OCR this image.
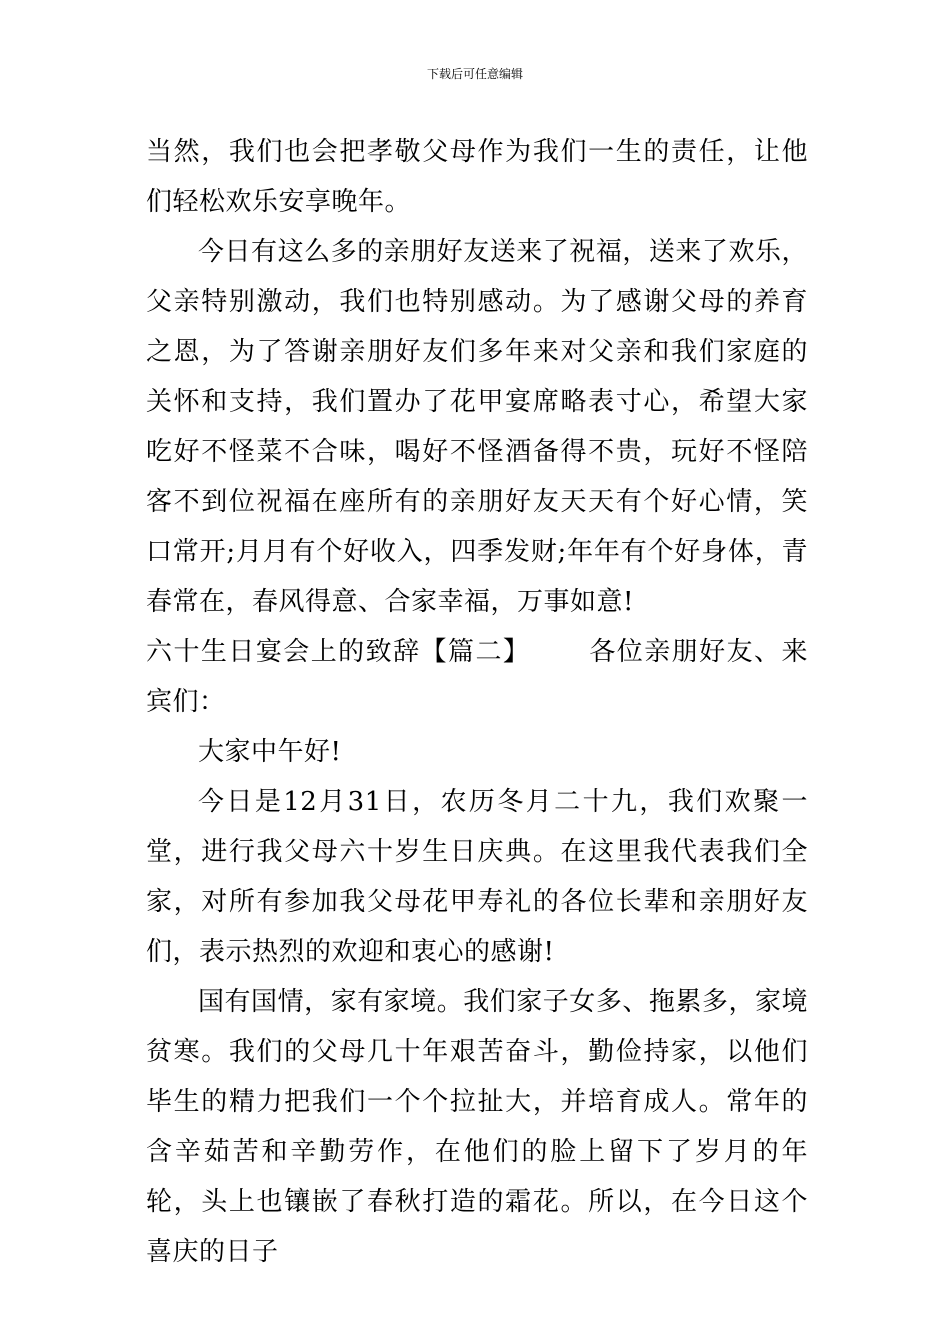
下载后可任意编辑

当然，我们也会把孝敬父母作为我们一生的责任，让他们轻松欢乐安享晚年。

今日有这么多的亲朋好友送来了祝福，送来了欢乐，父亲特别激动，我们也特别感动。为了感谢父母的养育之恩，为了答谢亲朋好友们多年来对父亲和我们家庭的关怀和支持，我们置办了花甲宴席略表寸心，希望大家吃好不怪菜不合味，喝好不怪酒备得不贵，玩好不怪陪客不到位祝福在座所有的亲朋好友天天有个好心情，笑口常开;月月有个好收入，四季发财;年年有个好身体，青春常在，春风得意、合家幸福，万事如意!

六十生日宴会上的致辞【篇二】 各位亲朋好友、来宾们：

大家中午好!

今日是12月31日，农历冬月二十九，我们欢聚一堂，进行我父母六十岁生日庆典。在这里我代表我们全家，对所有参加我父母花甲寿礼的各位长辈和亲朋好友们，表示热烈的欢迎和衷心的感谢!

国有国情，家有家境。我们家子女多、拖累多，家境贫寒。我们的父母几十年艰苦奋斗，勤俭持家，以他们毕生的精力把我们一个个拉扯大，并培育成人。常年的含辛茹苦和辛勤劳作，在他们的脸上留下了岁月的年轮，头上也镶嵌了春秋打造的霜花。所以，在今日这个喜庆的日子
